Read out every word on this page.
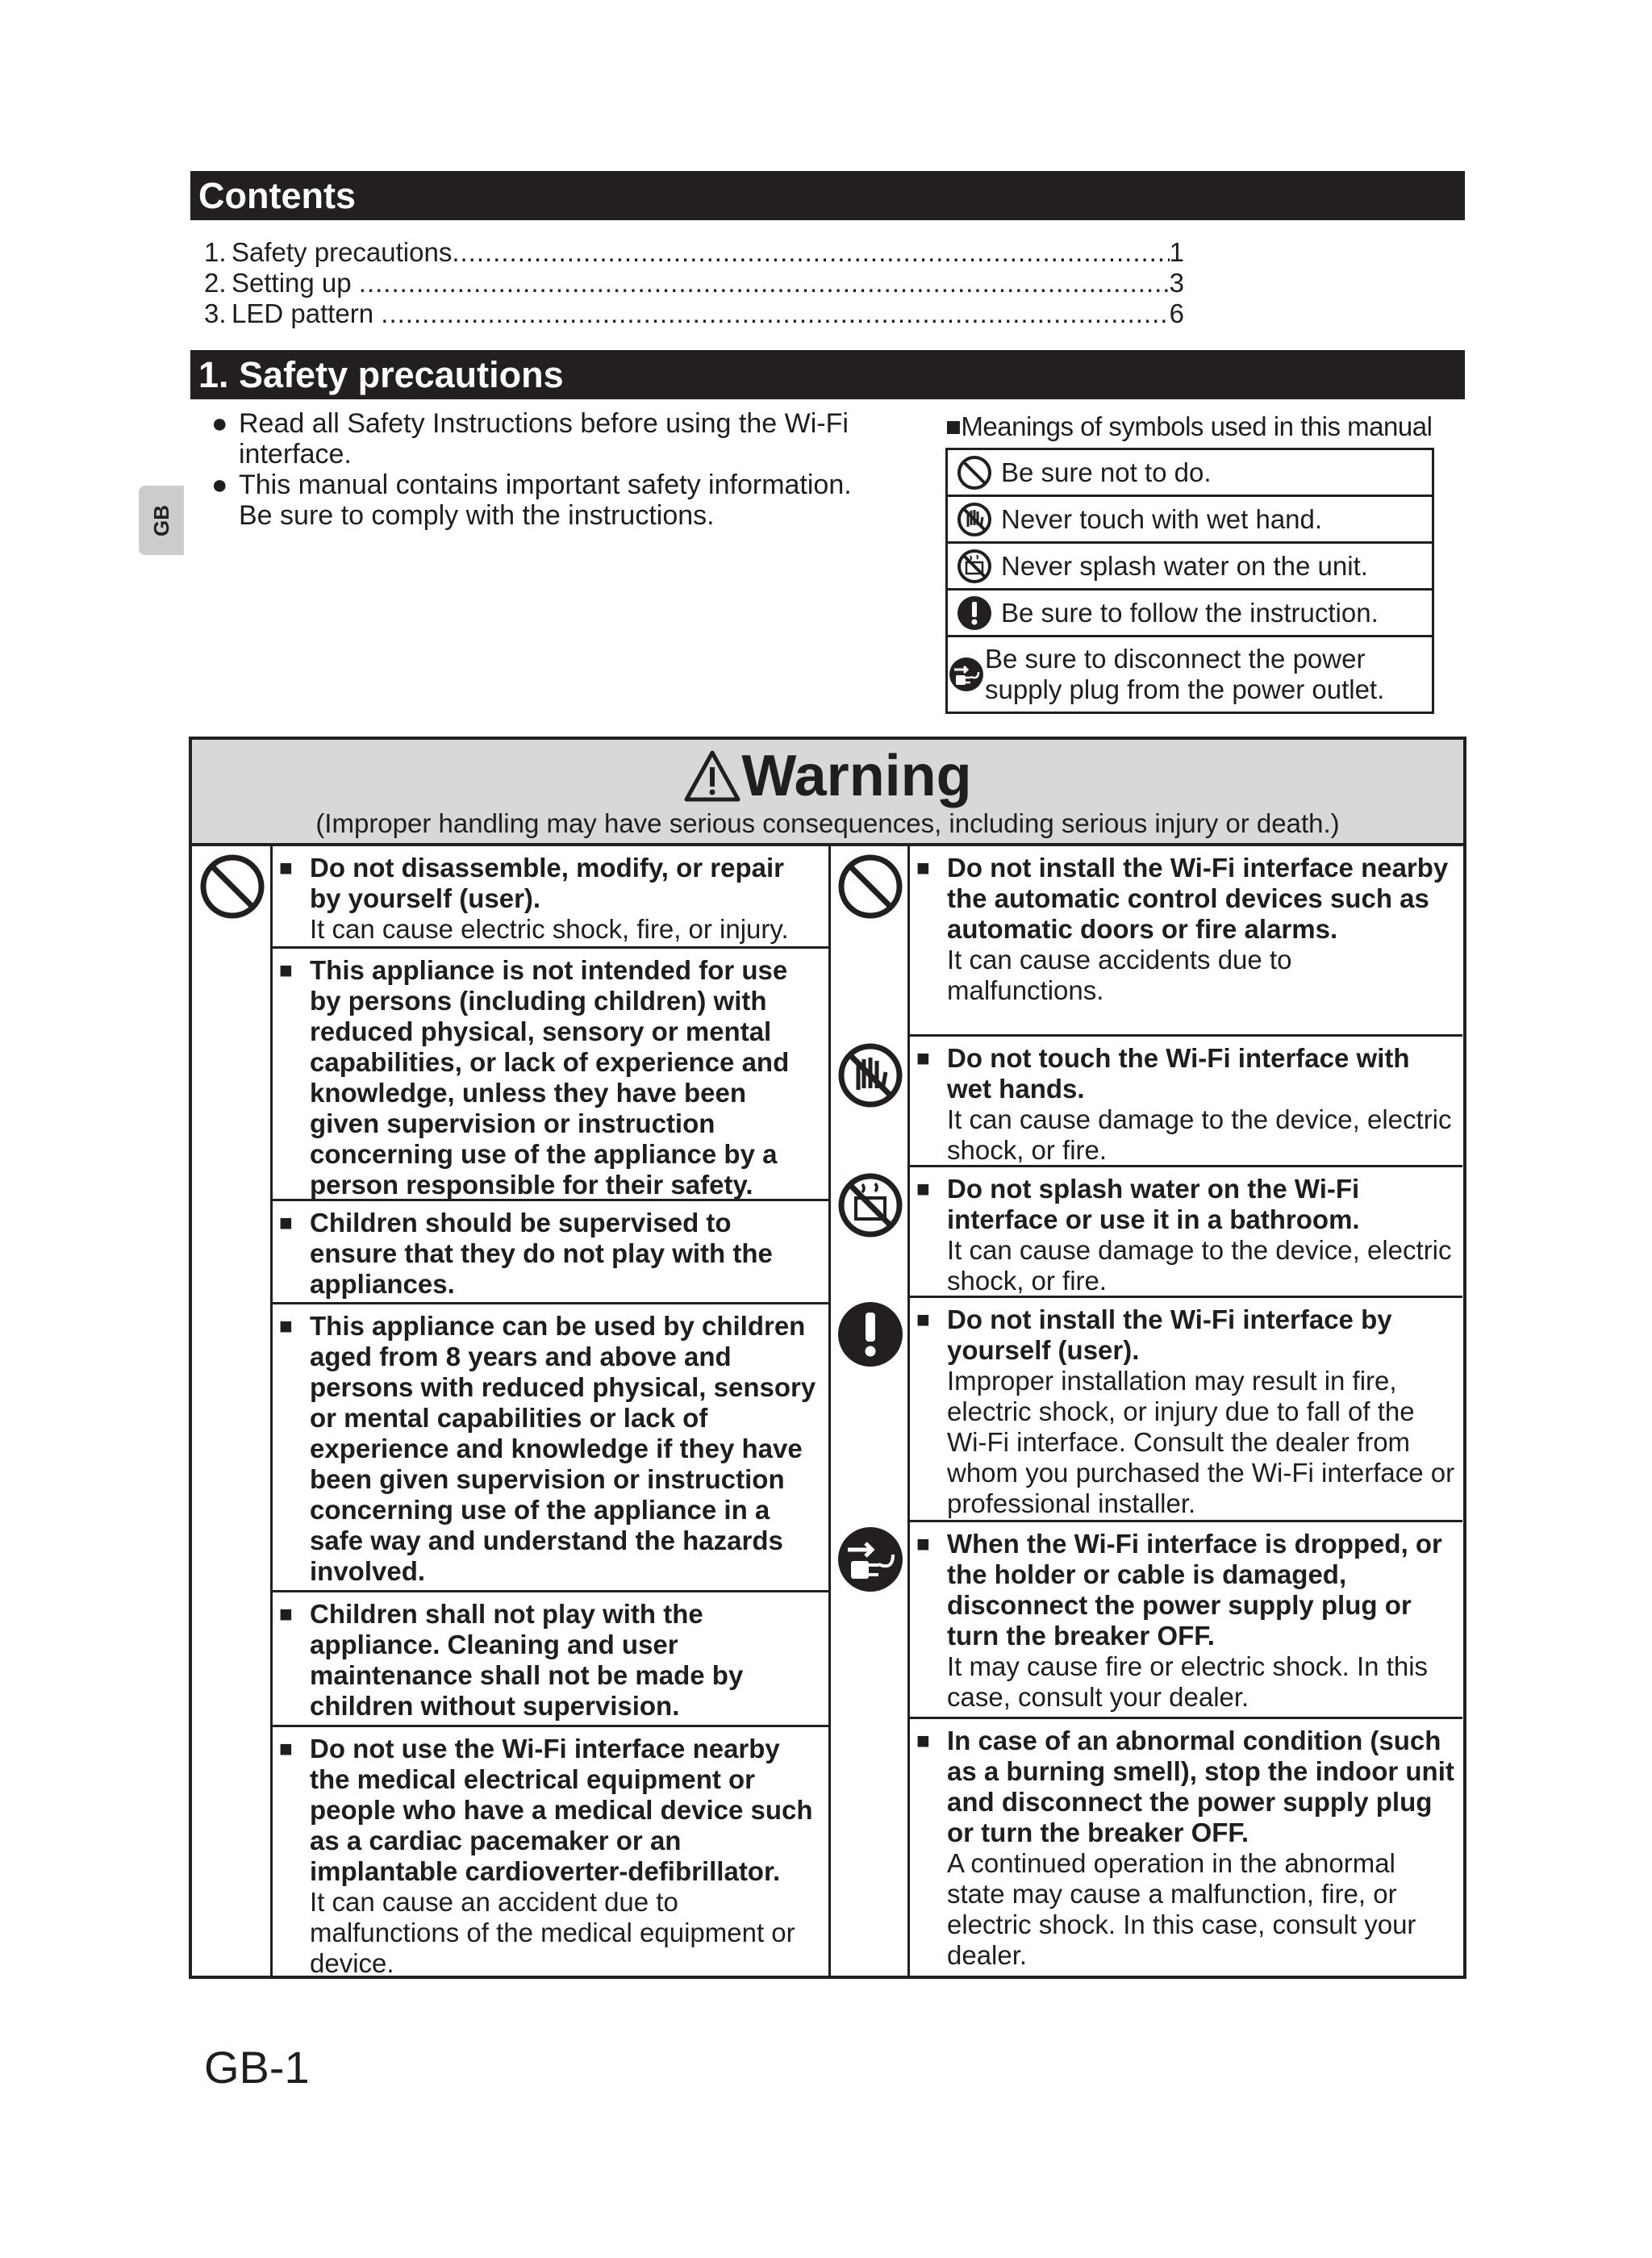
Contents
1. Safety precautions .....	1
2. Setting up .....	3
3. LED pattern .....	6
1. Safety precautions
GB
● Read all Safety Instructions before using the Wi-Fi interface.
● This manual contains important safety information. Be sure to comply with the instructions.
■Meanings of symbols used in this manual
Be sure not to do.
Never touch with wet hand.
Never splash water on the unit.
Be sure to follow the instruction.
Be sure to disconnect the power supply plug from the power outlet.
Warning
(Improper handling may have serious consequences, including serious injury or death.)
■ Do not disassemble, modify, or repair by yourself (user).
It can cause electric shock, fire, or injury.
■ This appliance is not intended for use by persons (including children) with reduced physical, sensory or mental capabilities, or lack of experience and knowledge, unless they have been given supervision or instruction concerning use of the appliance by a person responsible for their safety.
■ Children should be supervised to ensure that they do not play with the appliances.
■ This appliance can be used by children aged from 8 years and above and persons with reduced physical, sensory or mental capabilities or lack of experience and knowledge if they have been given supervision or instruction concerning use of the appliance in a safe way and understand the hazards involved.
■ Children shall not play with the appliance. Cleaning and user maintenance shall not be made by children without supervision.
■ Do not use the Wi-Fi interface nearby the medical electrical equipment or people who have a medical device such as a cardiac pacemaker or an implantable cardioverter-defibrillator.
It can cause an accident due to malfunctions of the medical equipment or device.
■ Do not install the Wi-Fi interface nearby the automatic control devices such as automatic doors or fire alarms.
It can cause accidents due to malfunctions.
■ Do not touch the Wi-Fi interface with wet hands.
It can cause damage to the device, electric shock, or fire.
■ Do not splash water on the Wi-Fi interface or use it in a bathroom.
It can cause damage to the device, electric shock, or fire.
■ Do not install the Wi-Fi interface by yourself (user).
Improper installation may result in fire, electric shock, or injury due to fall of the Wi-Fi interface. Consult the dealer from whom you purchased the Wi-Fi interface or professional installer.
■ When the Wi-Fi interface is dropped, or the holder or cable is damaged, disconnect the power supply plug or turn the breaker OFF.
It may cause fire or electric shock. In this case, consult your dealer.
■ In case of an abnormal condition (such as a burning smell), stop the indoor unit and disconnect the power supply plug or turn the breaker OFF.
A continued operation in the abnormal state may cause a malfunction, fire, or electric shock. In this case, consult your dealer.
GB-1
